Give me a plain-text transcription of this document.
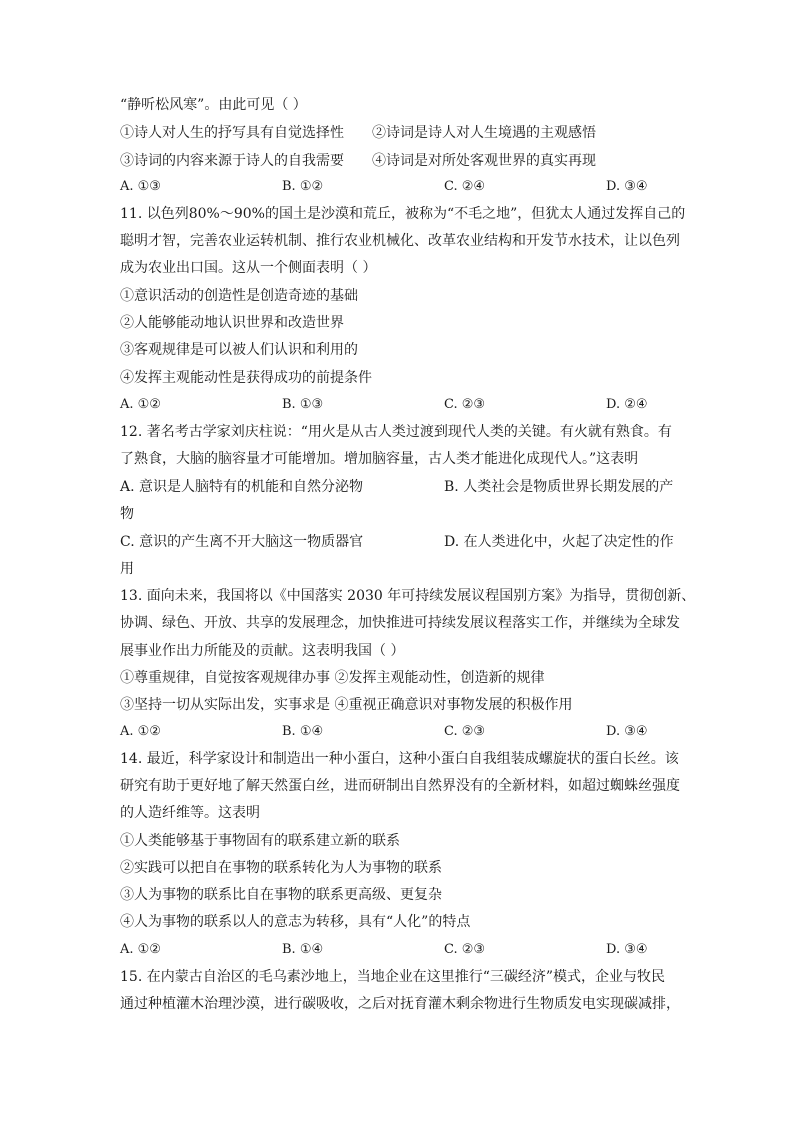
“静听松风寒”。由此可见（ ）
①诗人对人生的抒写具有自觉选择性 ②诗词是诗人对人生境遇的主观感悟
③诗词的内容来源于诗人的自我需要 ④诗词是对所处客观世界的真实再现
A. ①③	B. ①②	C. ②④	D. ③④
11. 以色列80%～90%的国土是沙漠和荒丘，被称为“不毛之地”，但犹太人通过发挥自己的
聪明才智，完善农业运转机制、推行农业机械化、改革农业结构和开发节水技术，让以色列
成为农业出口国。这从一个侧面表明（ ）
①意识活动的创造性是创造奇迹的基础
②人能够能动地认识世界和改造世界
③客观规律是可以被人们认识和利用的
④发挥主观能动性是获得成功的前提条件
A. ①②	B. ①③	C. ②③	D. ②④
12. 著名考古学家刘庆柱说：“用火是从古人类过渡到现代人类的关键。有火就有熟食。有
了熟食，大脑的脑容量才可能增加。增加脑容量，古人类才能进化成现代人。”这表明
A. 意识是人脑特有的机能和自然分泌物	B. 人类社会是物质世界长期发展的产
物
C. 意识的产生离不开大脑这一物质器官	D. 在人类进化中，火起了决定性的作
用
13. 面向未来，我国将以《中国落实 2030 年可持续发展议程国别方案》为指导，贯彻创新、
协调、绿色、开放、共享的发展理念，加快推进可持续发展议程落实工作，并继续为全球发
展事业作出力所能及的贡献。这表明我国（ ）
①尊重规律，自觉按客观规律办事 ②发挥主观能动性，创造新的规律
③坚持一切从实际出发，实事求是 ④重视正确意识对事物发展的积极作用
A. ①②	B. ①④	C. ②③	D. ③④
14. 最近，科学家设计和制造出一种小蛋白，这种小蛋白自我组装成螺旋状的蛋白长丝。该
研究有助于更好地了解天然蛋白丝，进而研制出自然界没有的全新材料，如超过蜘蛛丝强度
的人造纤维等。这表明
①人类能够基于事物固有的联系建立新的联系
②实践可以把自在事物的联系转化为人为事物的联系
③人为事物的联系比自在事物的联系更高级、更复杂
④人为事物的联系以人的意志为转移，具有“人化”的特点
A. ①②	B. ①④	C. ②③	D. ③④
15. 在内蒙古自治区的毛乌素沙地上，当地企业在这里推行“三碳经济”模式，企业与牧民
通过种植灌木治理沙漠，进行碳吸收，之后对抚育灌木剩余物进行生物质发电实现碳减排，
